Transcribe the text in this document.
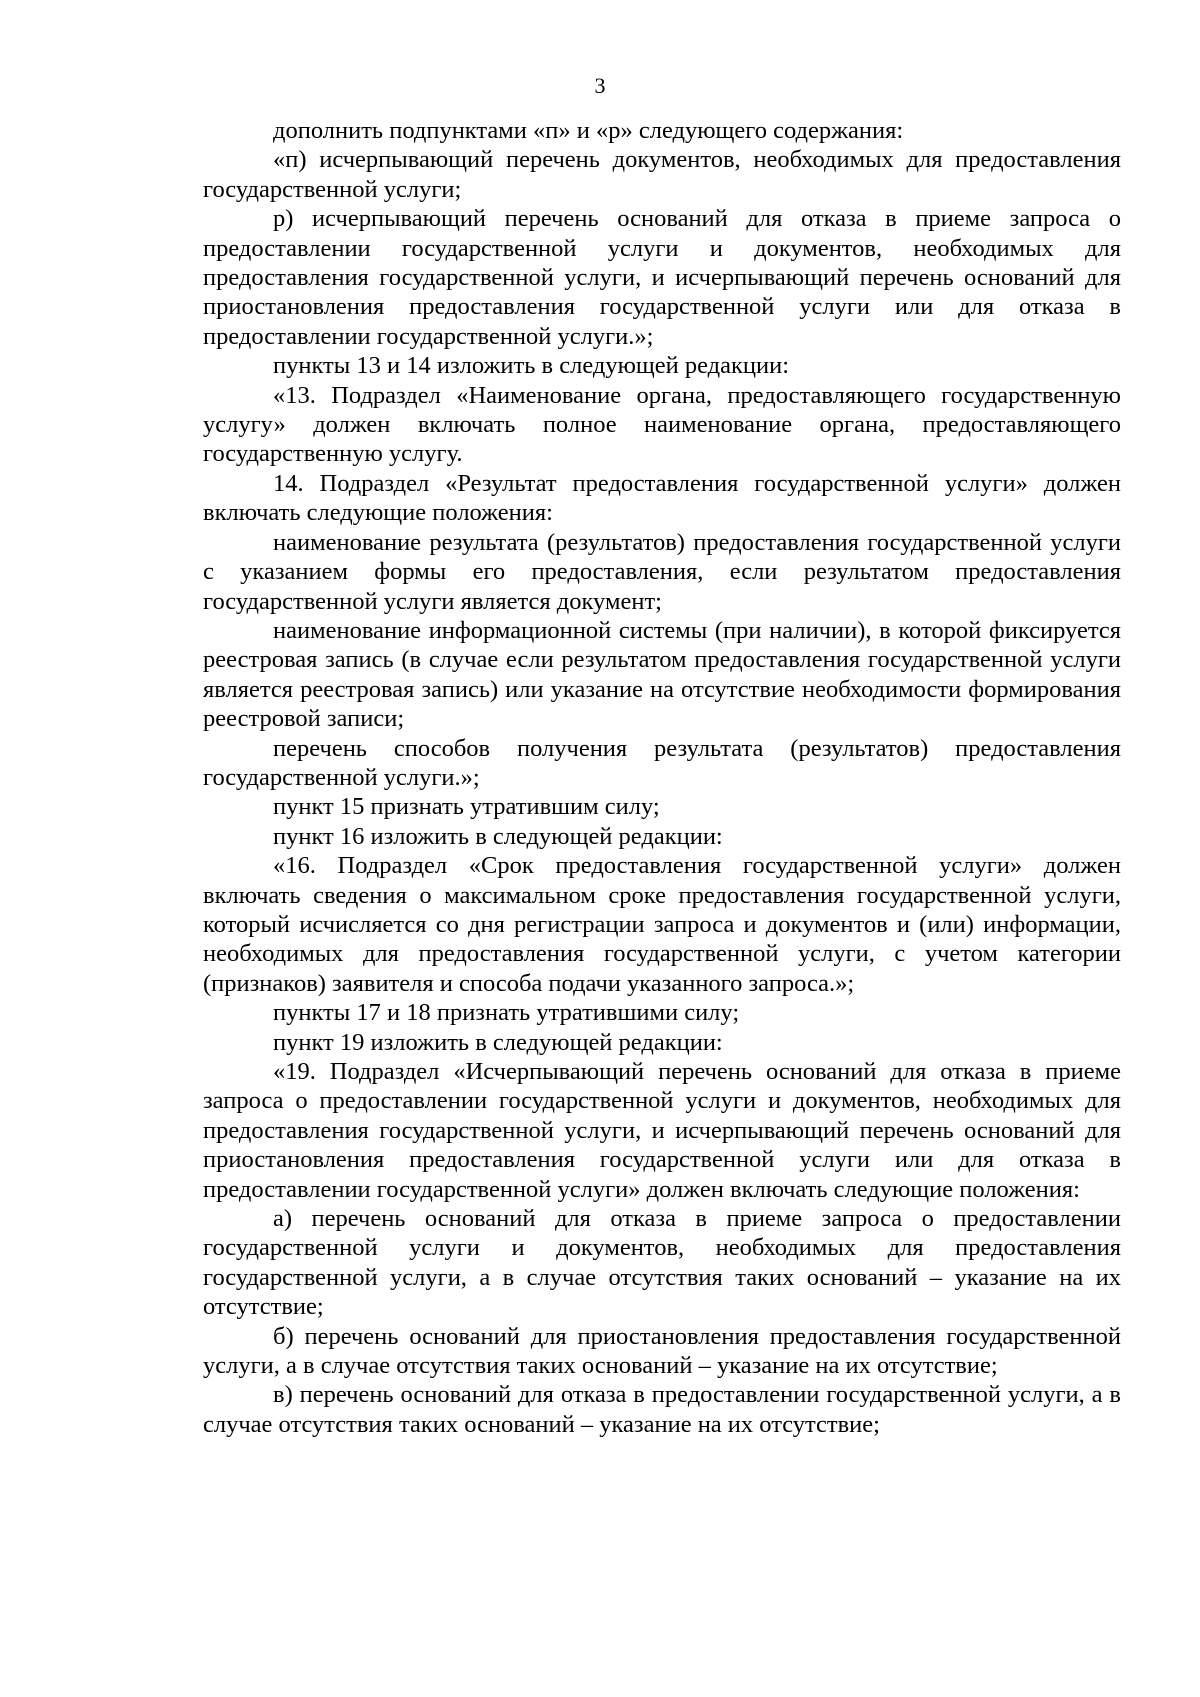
3

дополнить подпунктами «п» и «р» следующего содержания:

«п) исчерпывающий перечень документов, необходимых для предоставления государственной услуги;

р) исчерпывающий перечень оснований для отказа в приеме запроса о предоставлении государственной услуги и документов, необходимых для предоставления государственной услуги, и исчерпывающий перечень оснований для приостановления предоставления государственной услуги или для отказа в предоставлении государственной услуги.»;

пункты 13 и 14 изложить в следующей редакции:

«13. Подраздел «Наименование органа, предоставляющего государственную услугу» должен включать полное наименование органа, предоставляющего государственную услугу.

14. Подраздел «Результат предоставления государственной услуги» должен включать следующие положения:

наименование результата (результатов) предоставления государственной услуги с указанием формы его предоставления, если результатом предоставления государственной услуги является документ;

наименование информационной системы (при наличии), в которой фиксируется реестровая запись (в случае если результатом предоставления государственной услуги является реестровая запись) или указание на отсутствие необходимости формирования реестровой записи;

перечень способов получения результата (результатов) предоставления государственной услуги.»;

пункт 15 признать утратившим силу;

пункт 16 изложить в следующей редакции:

«16. Подраздел «Срок предоставления государственной услуги» должен включать сведения о максимальном сроке предоставления государственной услуги, который исчисляется со дня регистрации запроса и документов и (или) информации, необходимых для предоставления государственной услуги, с учетом категории (признаков) заявителя и способа подачи указанного запроса.»;

пункты 17 и 18 признать утратившими силу;

пункт 19 изложить в следующей редакции:

«19. Подраздел «Исчерпывающий перечень оснований для отказа в приеме запроса о предоставлении государственной услуги и документов, необходимых для предоставления государственной услуги, и исчерпывающий перечень оснований для приостановления предоставления государственной услуги или для отказа в предоставлении государственной услуги» должен включать следующие положения:

а) перечень оснований для отказа в приеме запроса о предоставлении государственной услуги и документов, необходимых для предоставления государственной услуги, а в случае отсутствия таких оснований – указание на их отсутствие;

б) перечень оснований для приостановления предоставления государственной услуги, а в случае отсутствия таких оснований – указание на их отсутствие;

в) перечень оснований для отказа в предоставлении государственной услуги, а в случае отсутствия таких оснований – указание на их отсутствие;
